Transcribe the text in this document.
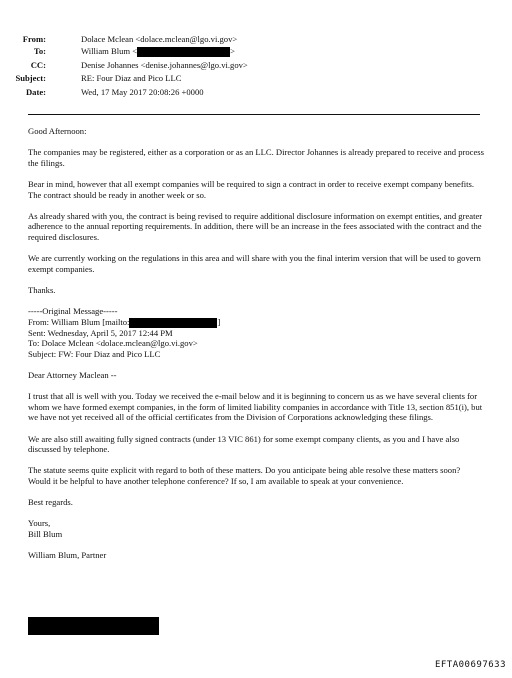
From:	Dolace Mclean <dolace.mclean@lgo.vi.gov>
To:	William Blum <	>
CC:	Denise Johannes <denise.johannes@lgo.vi.gov>
Subject:	RE: Four Diaz and Pico LLC
Date:	Wed, 17 May 2017 20:08:26 +0000

Good Afternoon:

The companies may be registered, either as a corporation or as an LLC. Director Johannes is already prepared to receive and process the filings.

Bear in mind, however that all exempt companies will be required to sign a contract in order to receive exempt company benefits. The contract should be ready in another week or so.

As already shared with you, the contract is being revised to require additional disclosure information on exempt entities, and greater adherence to the annual reporting requirements. In addition, there will be an increase in the fees associated with the contract and the required disclosures.

We are currently working on the regulations in this area and will share with you the final interim version that will be used to govern exempt companies.

Thanks.

-----Original Message-----

From: William Blum [mailto:	]

Sent: Wednesday, April 5, 2017 12:44 PM

To: Dolace Mclean <dolace.mclean@lgo.vi.gov>

Subject: FW: Four Diaz and Pico LLC

Dear Attorney Maclean --

I trust that all is well with you. Today we received the e-mail below and it is beginning to concern us as we have several clients for whom we have formed exempt companies, in the form of limited liability companies in accordance with Title 13, section 851(i), but we have not yet received all of the official certificates from the Division of Corporations acknowledging these filings.

We are also still awaiting fully signed contracts (under 13 VIC 861) for some exempt company clients, as you and I have also discussed by telephone.

The statute seems quite explicit with regard to both of these matters. Do you anticipate being able resolve these matters soon? Would it be helpful to have another telephone conference? If so, I am available to speak at your convenience.

Best regards.

Yours,

Bill Blum

William Blum, Partner

EFTA00697633
